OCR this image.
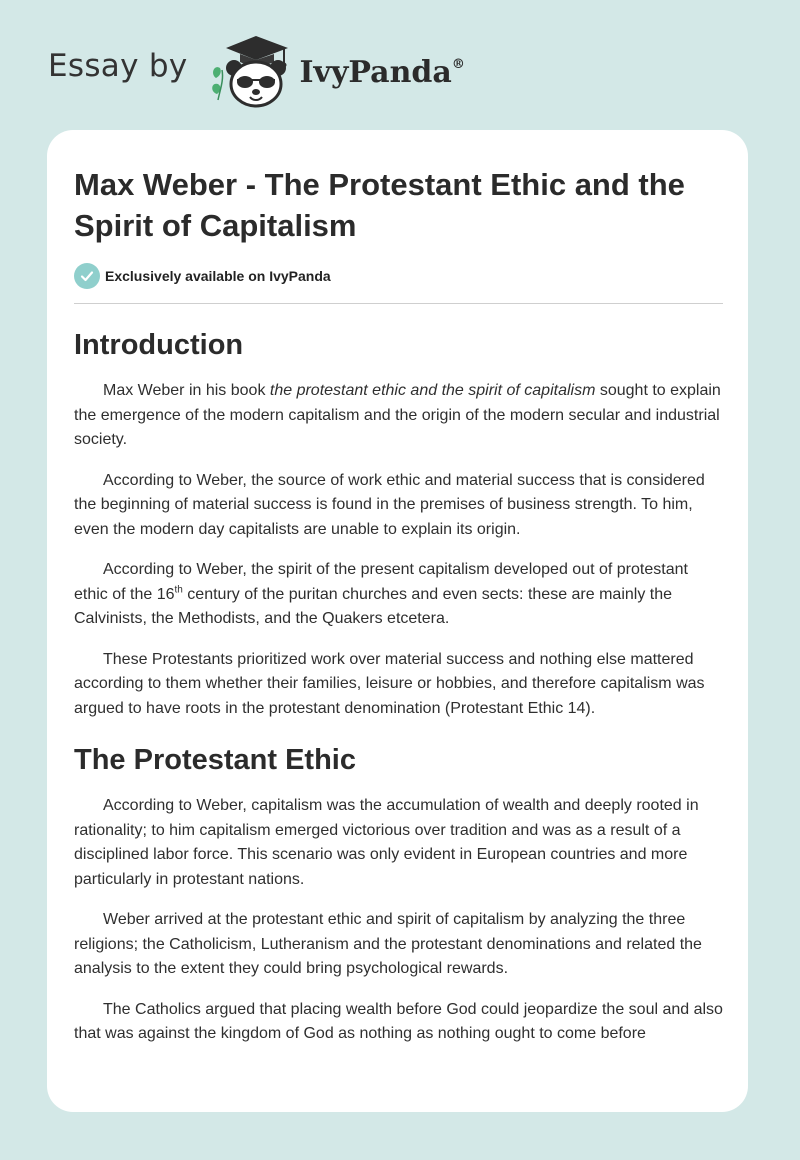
Essay by	IvyPanda®
Max Weber - The Protestant Ethic and the Spirit of Capitalism
Exclusively available on IvyPanda
Introduction

Max Weber in his book the protestant ethic and the spirit of capitalism sought to explain the emergence of the modern capitalism and the origin of the modern secular and industrial society.

According to Weber, the source of work ethic and material success that is considered the beginning of material success is found in the premises of business strength. To him, even the modern day capitalists are unable to explain its origin.

According to Weber, the spirit of the present capitalism developed out of protestant ethic of the 16th century of the puritan churches and even sects: these are mainly the Calvinists, the Methodists, and the Quakers etcetera.

These Protestants prioritized work over material success and nothing else mattered according to them whether their families, leisure or hobbies, and therefore capitalism was argued to have roots in the protestant denomination (Protestant Ethic 14).

The Protestant Ethic

According to Weber, capitalism was the accumulation of wealth and deeply rooted in rationality; to him capitalism emerged victorious over tradition and was as a result of a disciplined labor force. This scenario was only evident in European countries and more particularly in protestant nations.

Weber arrived at the protestant ethic and spirit of capitalism by analyzing the three religions; the Catholicism, Lutheranism and the protestant denominations and related the analysis to the extent they could bring psychological rewards.

The Catholics argued that placing wealth before God could jeopardize the soul and also that was against the kingdom of God as nothing as nothing ought to come before
